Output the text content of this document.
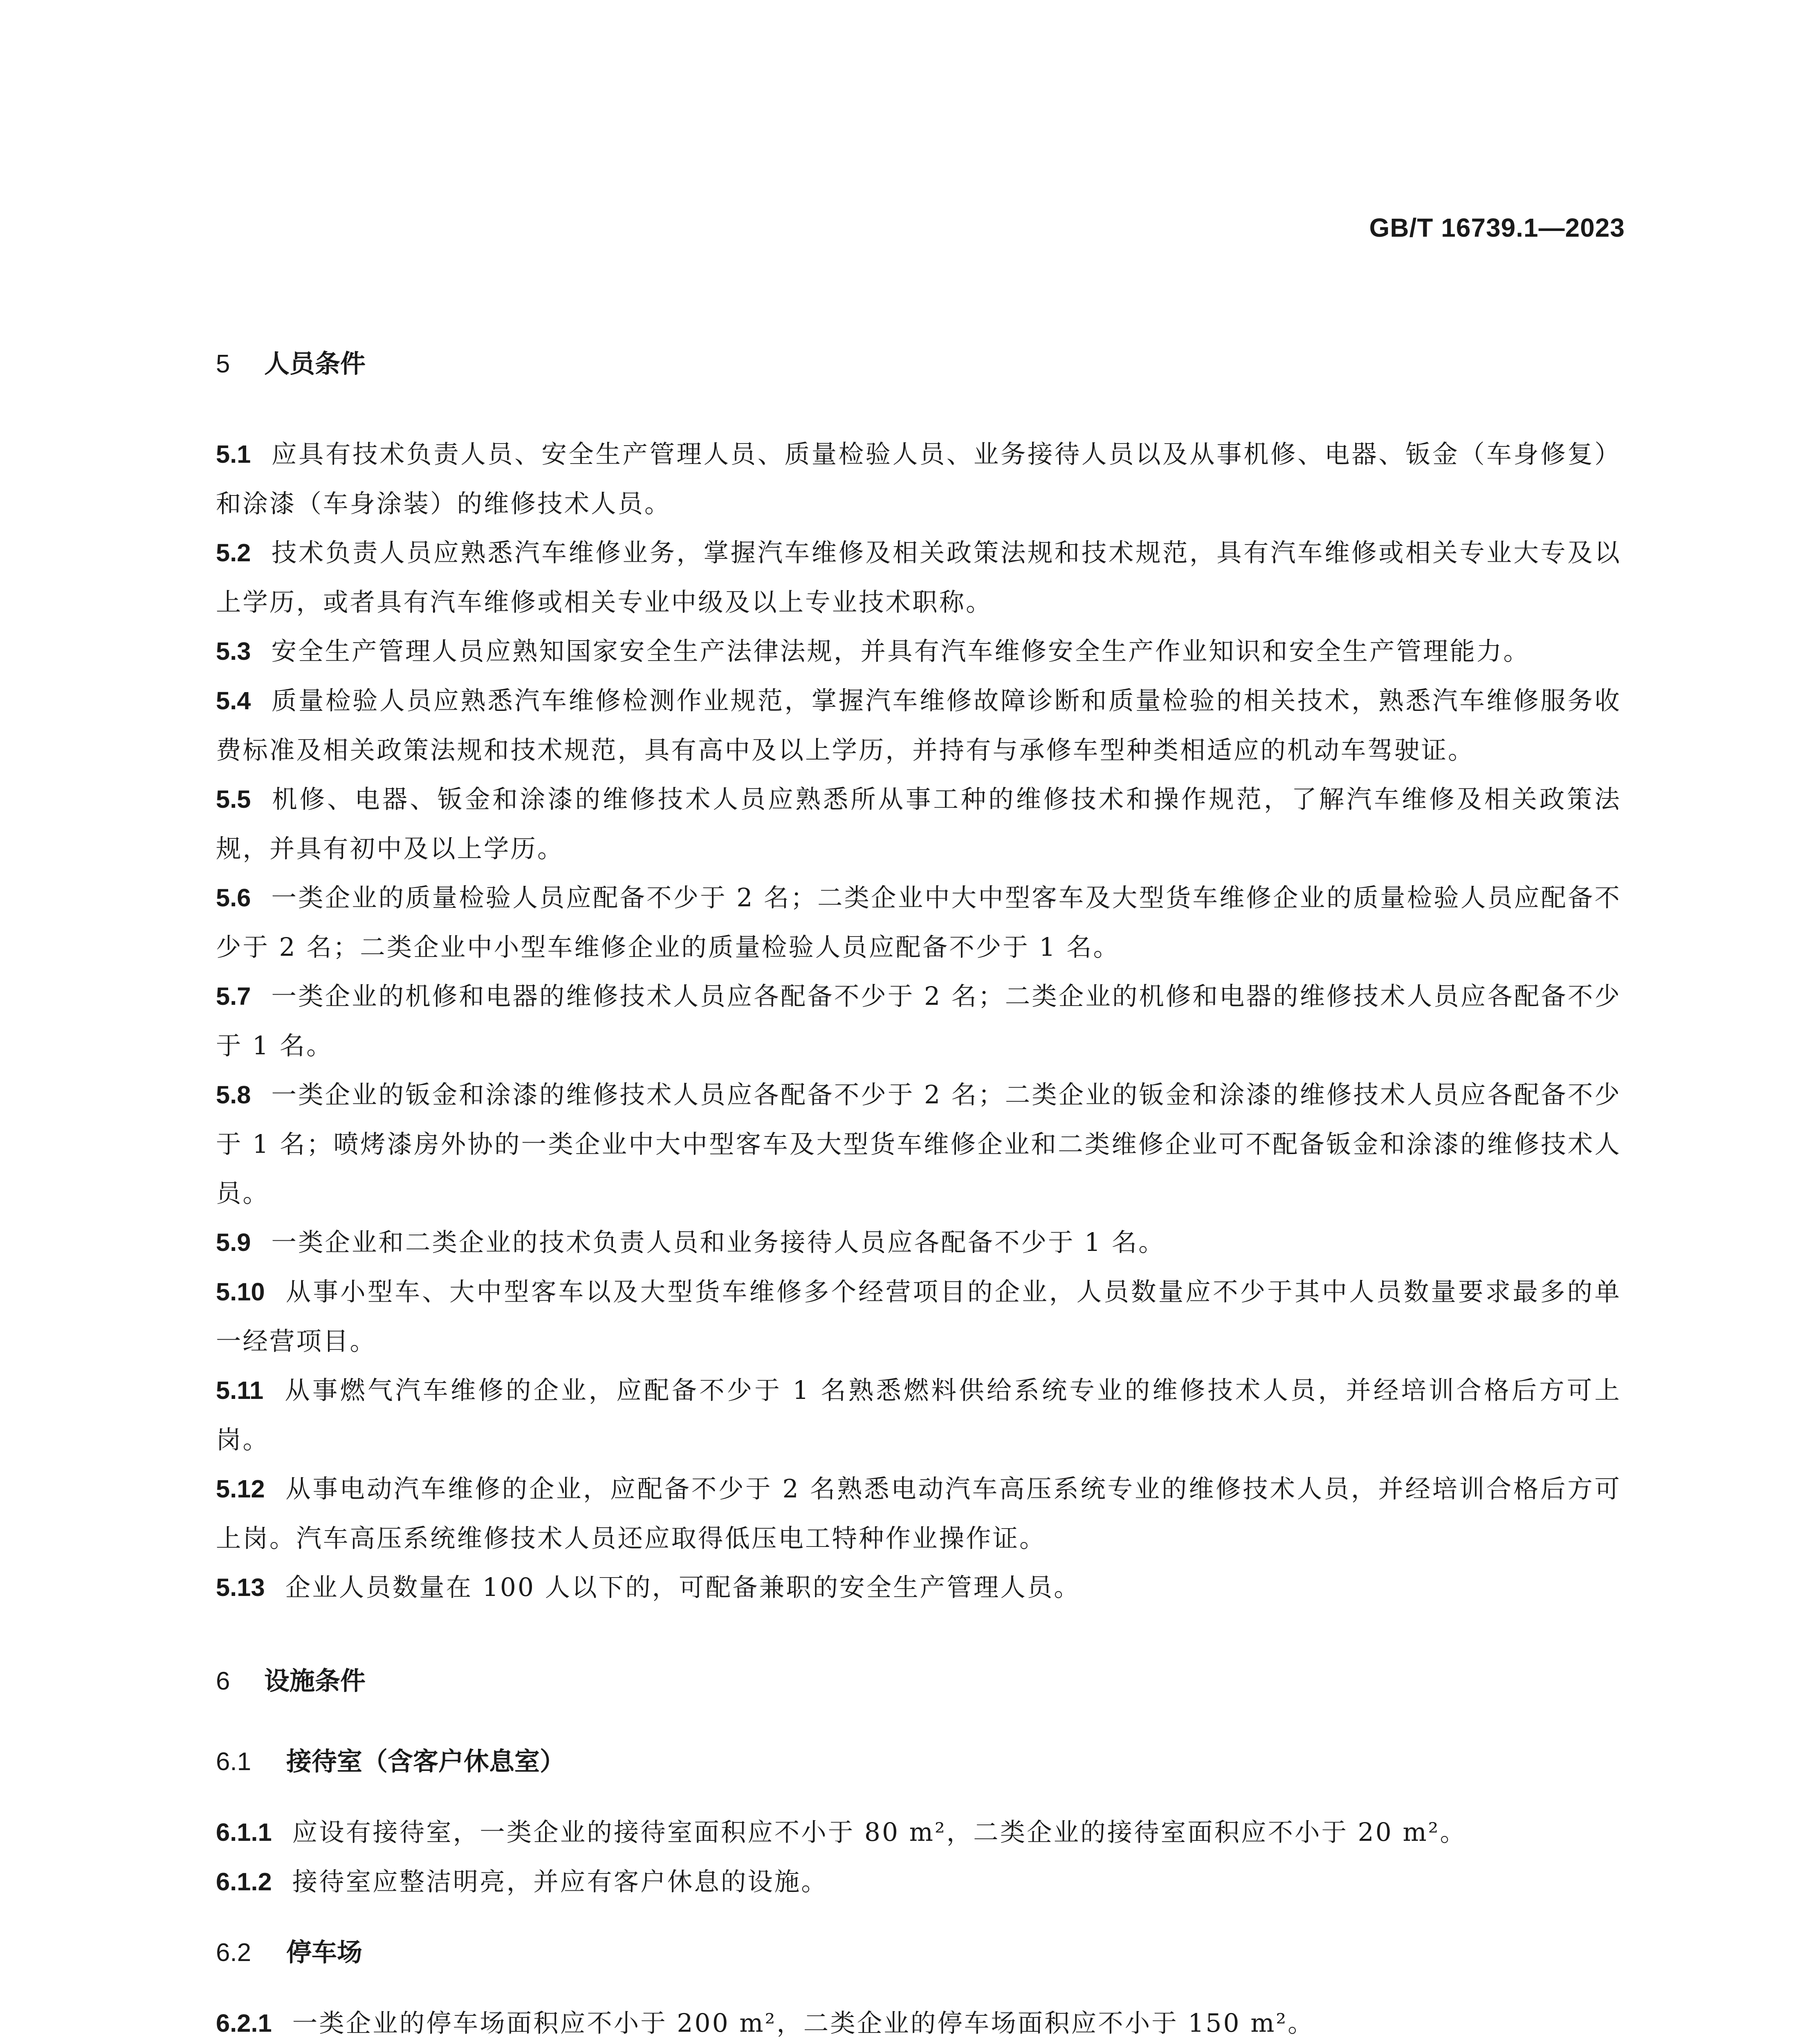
GB/T 16739.1—2023
5 人员条件

5.1 应具有技术负责人员、安全生产管理人员、质量检验人员、业务接待人员以及从事机修、电器、钣金（车身修复）和涂漆（车身涂装）的维修技术人员。

5.2 技术负责人员应熟悉汽车维修业务，掌握汽车维修及相关政策法规和技术规范，具有汽车维修或相关专业大专及以上学历，或者具有汽车维修或相关专业中级及以上专业技术职称。

5.3 安全生产管理人员应熟知国家安全生产法律法规，并具有汽车维修安全生产作业知识和安全生产管理能力。

5.4 质量检验人员应熟悉汽车维修检测作业规范，掌握汽车维修故障诊断和质量检验的相关技术，熟悉汽车维修服务收费标准及相关政策法规和技术规范，具有高中及以上学历，并持有与承修车型种类相适应的机动车驾驶证。

5.5 机修、电器、钣金和涂漆的维修技术人员应熟悉所从事工种的维修技术和操作规范，了解汽车维修及相关政策法规，并具有初中及以上学历。

5.6 一类企业的质量检验人员应配备不少于 2 名；二类企业中大中型客车及大型货车维修企业的质量检验人员应配备不少于 2 名；二类企业中小型车维修企业的质量检验人员应配备不少于 1 名。

5.7 一类企业的机修和电器的维修技术人员应各配备不少于 2 名；二类企业的机修和电器的维修技术人员应各配备不少于 1 名。

5.8 一类企业的钣金和涂漆的维修技术人员应各配备不少于 2 名；二类企业的钣金和涂漆的维修技术人员应各配备不少于 1 名；喷烤漆房外协的一类企业中大中型客车及大型货车维修企业和二类维修企业可不配备钣金和涂漆的维修技术人员。

5.9 一类企业和二类企业的技术负责人员和业务接待人员应各配备不少于 1 名。

5.10 从事小型车、大中型客车以及大型货车维修多个经营项目的企业，人员数量应不少于其中人员数量要求最多的单一经营项目。

5.11 从事燃气汽车维修的企业，应配备不少于 1 名熟悉燃料供给系统专业的维修技术人员，并经培训合格后方可上岗。

5.12 从事电动汽车维修的企业，应配备不少于 2 名熟悉电动汽车高压系统专业的维修技术人员，并经培训合格后方可上岗。汽车高压系统维修技术人员还应取得低压电工特种作业操作证。

5.13 企业人员数量在 100 人以下的，可配备兼职的安全生产管理人员。

6 设施条件
6.1 接待室（含客户休息室）

6.1.1 应设有接待室，一类企业的接待室面积应不小于 80 m²，二类企业的接待室面积应不小于 20 m²。

6.1.2 接待室应整洁明亮，并应有客户休息的设施。

6.2 停车场

6.2.1 一类企业的停车场面积应不小于 200 m²，二类企业的停车场面积应不小于 150 m²。
